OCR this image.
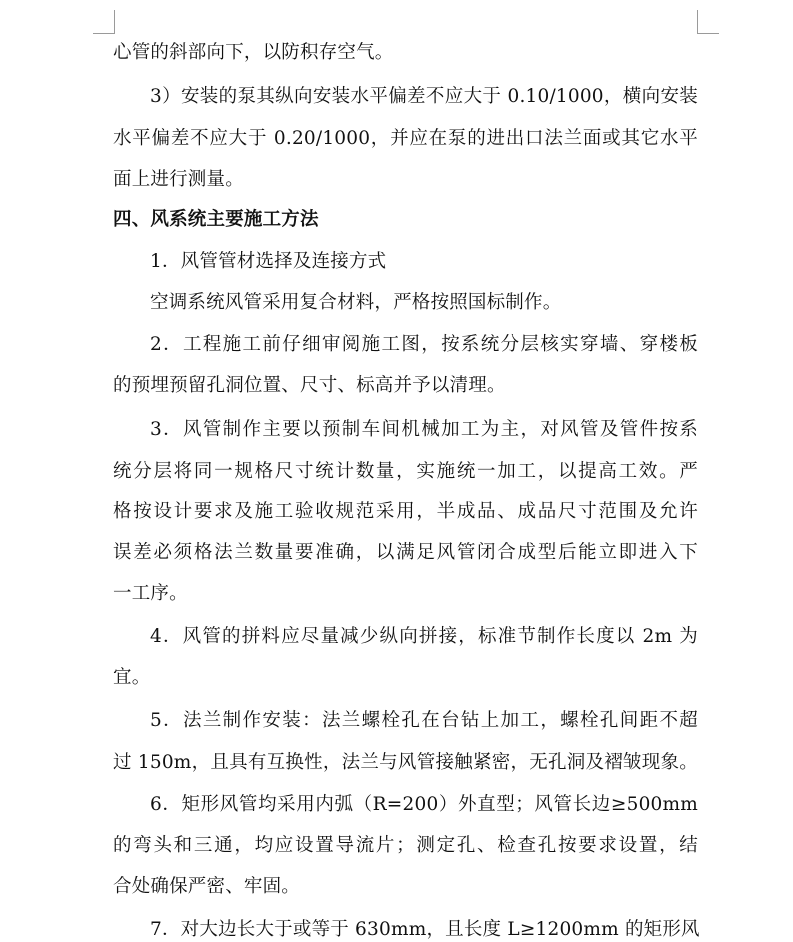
心管的斜部向下，以防积存空气。
3）安装的泵其纵向安装水平偏差不应大于 0.10/1000，横向安装
水平偏差不应大于 0.20/1000，并应在泵的进出口法兰面或其它水平
面上进行测量。
四、风系统主要施工方法
1．风管管材选择及连接方式
空调系统风管采用复合材料，严格按照国标制作。
2．工程施工前仔细审阅施工图，按系统分层核实穿墙、穿楼板
的预埋预留孔洞位置、尺寸、标高并予以清理。
3．风管制作主要以预制车间机械加工为主，对风管及管件按系
统分层将同一规格尺寸统计数量，实施统一加工，以提高工效。严
格按设计要求及施工验收规范采用，半成品、成品尺寸范围及允许
误差必须格法兰数量要准确，以满足风管闭合成型后能立即进入下
一工序。
4．风管的拼料应尽量减少纵向拼接，标准节制作长度以 2m 为
宜。
5．法兰制作安装：法兰螺栓孔在台钻上加工，螺栓孔间距不超
过 150m，且具有互换性，法兰与风管接触紧密，无孔洞及褶皱现象。
6．矩形风管均采用内弧（R=200）外直型；风管长边≥500mm
的弯头和三通，均应设置导流片；测定孔、检查孔按要求设置，结
合处确保严密、牢固。
7．对大边长大于或等于 630mm，且长度 L≥1200mm 的矩形风
